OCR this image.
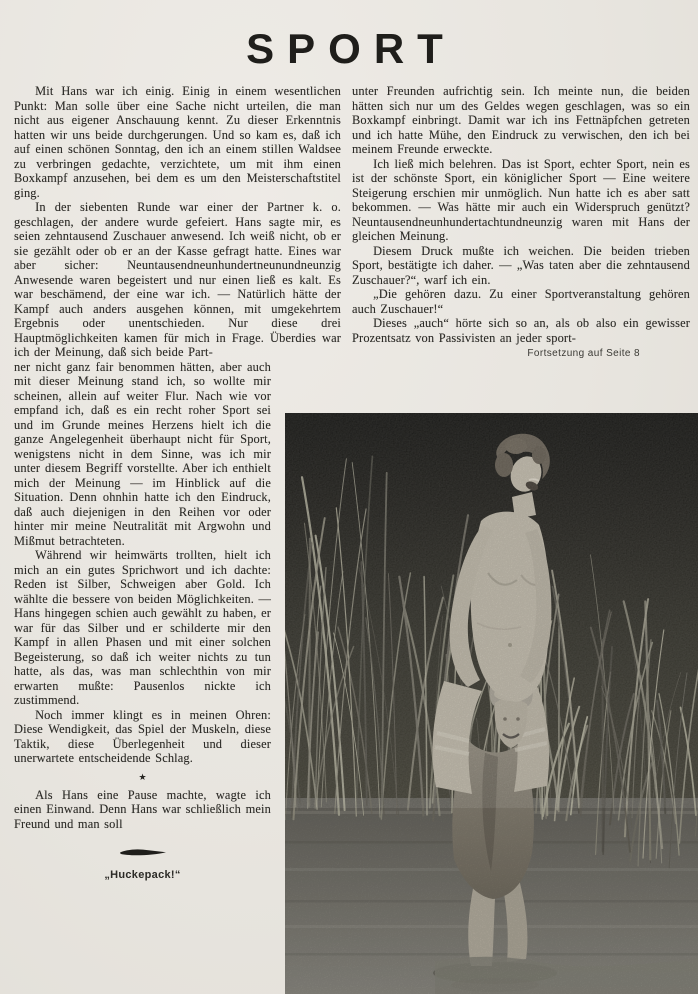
SPORT

Mit Hans war ich einig. Einig in einem wesentlichen Punkt: Man solle über eine Sache nicht urteilen, die man nicht aus eigener Anschauung kennt. Zu dieser Erkenntnis hatten wir uns beide durchgerungen. Und so kam es, daß ich auf einen schönen Sonntag, den ich an einem stillen Waldsee zu verbringen gedachte, verzichtete, um mit ihm einen Boxkampf anzusehen, bei dem es um den Meisterschaftstitel ging.

In der siebenten Runde war einer der Partner k. o. geschlagen, der andere wurde gefeiert. Hans sagte mir, es seien zehntausend Zuschauer anwesend. Ich weiß nicht, ob er sie gezählt oder ob er an der Kasse gefragt hatte. Eines war aber sicher: Neuntausendneunhundertneunundneunzig Anwesende waren begeistert und nur einen ließ es kalt. Es war beschämend, der eine war ich. — Natürlich hätte der Kampf auch anders ausgehen können, mit umgekehrtem Ergebnis oder unentschieden. Nur diese drei Hauptmöglichkeiten kamen für mich in Frage. Überdies war ich der Meinung, daß sich beide Part-

ner nicht ganz fair benommen hätten, aber auch mit dieser Meinung stand ich, so wollte mir scheinen, allein auf weiter Flur. Nach wie vor empfand ich, daß es ein recht roher Sport sei und im Grunde meines Herzens hielt ich die ganze Angelegenheit überhaupt nicht für Sport, wenigstens nicht in dem Sinne, was ich mir unter diesem Begriff vorstellte. Aber ich enthielt mich der Meinung — im Hinblick auf die Situation. Denn ohnhin hatte ich den Eindruck, daß auch diejenigen in den Reihen vor oder hinter mir meine Neutralität mit Argwohn und Mißmut betrachteten.

Während wir heimwärts trollten, hielt ich mich an ein gutes Sprichwort und ich dachte: Reden ist Silber, Schweigen aber Gold. Ich wählte die bessere von beiden Möglichkeiten. — Hans hingegen schien auch gewählt zu haben, er war für das Silber und er schilderte mir den Kampf in allen Phasen und mit einer solchen Begeisterung, so daß ich weiter nichts zu tun hatte, als das, was man schlechthin von mir erwarten mußte: Pausenlos nickte ich zustimmend.

Noch immer klingt es in meinen Ohren: Diese Wendigkeit, das Spiel der Muskeln, diese Taktik, diese Überlegenheit und dieser unerwartete entscheidende Schlag.

★

Als Hans eine Pause machte, wagte ich einen Einwand. Denn Hans war schließlich mein Freund und man soll

„Huckepack!“

unter Freunden aufrichtig sein. Ich meinte nun, die beiden hätten sich nur um des Geldes wegen geschlagen, was so ein Boxkampf einbringt. Damit war ich ins Fettnäpfchen getreten und ich hatte Mühe, den Eindruck zu verwischen, den ich bei meinem Freunde erweckte.

Ich ließ mich belehren. Das ist Sport, echter Sport, nein es ist der schönste Sport, ein königlicher Sport — Eine weitere Steigerung erschien mir unmöglich. Nun hatte ich es aber satt bekommen. — Was hätte mir auch ein Widerspruch genützt? Neuntausendneunhundertachtundneunzig waren mit Hans der gleichen Meinung.

Diesem Druck mußte ich weichen. Die beiden trieben Sport, bestätigte ich daher. — „Was taten aber die zehntausend Zuschauer?“, warf ich ein.

„Die gehören dazu. Zu einer Sportveranstaltung gehören auch Zuschauer!“

Dieses „auch“ hörte sich so an, als ob also ein gewisser Prozentsatz von Passivisten an jeder sport-

Fortsetzung auf Seite 8
